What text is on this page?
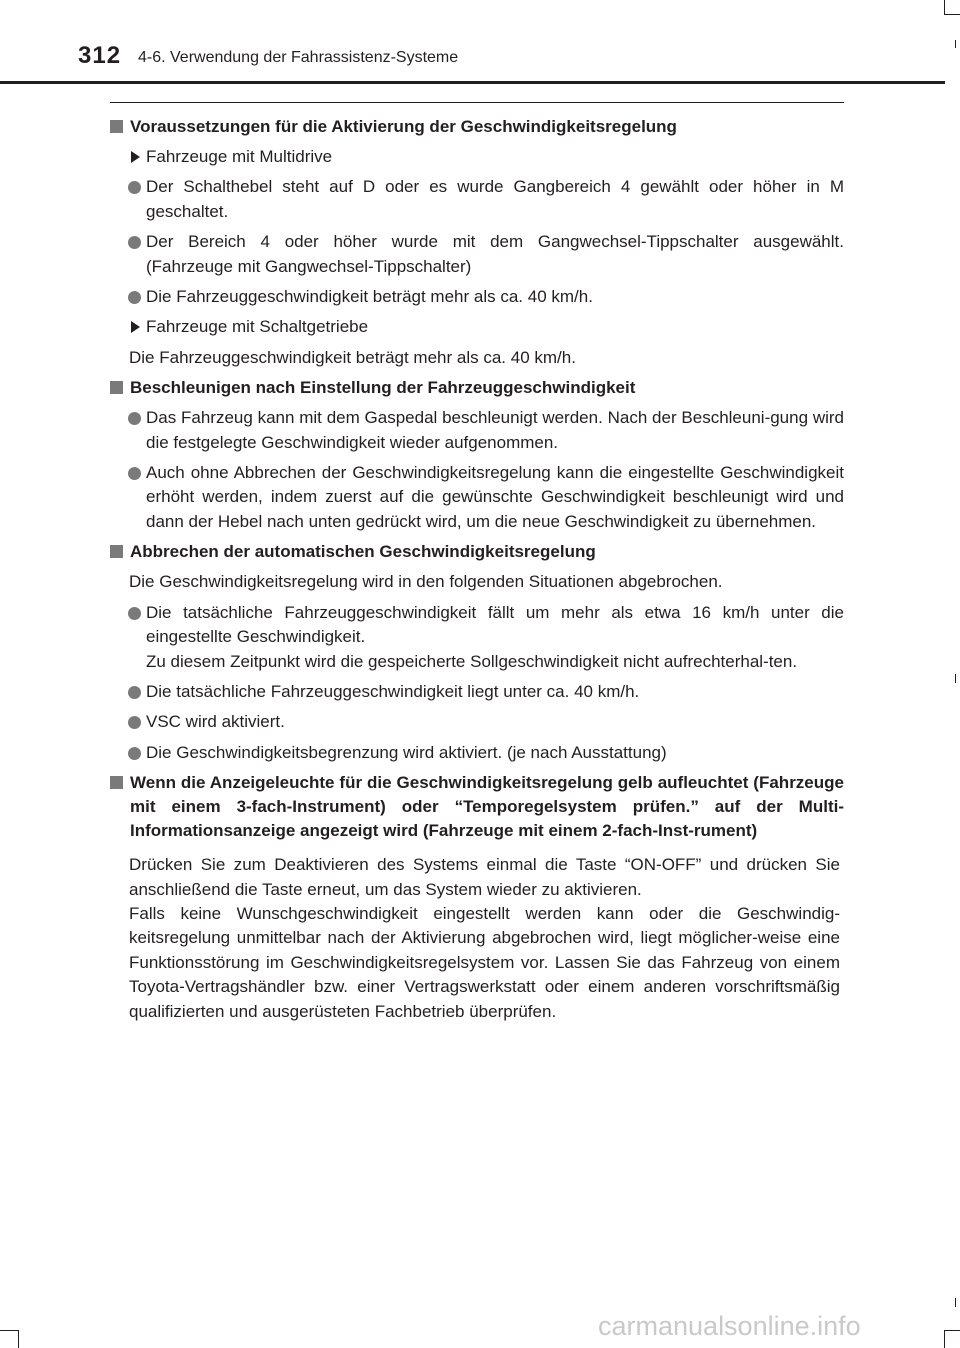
312 4-6. Verwendung der Fahrassistenz-Systeme
Voraussetzungen für die Aktivierung der Geschwindigkeitsregelung
Fahrzeuge mit Multidrive
Der Schalthebel steht auf D oder es wurde Gangbereich 4 gewählt oder höher in M geschaltet.
Der Bereich 4 oder höher wurde mit dem Gangwechsel-Tippschalter ausgewählt. (Fahrzeuge mit Gangwechsel-Tippschalter)
Die Fahrzeuggeschwindigkeit beträgt mehr als ca. 40 km/h.
Fahrzeuge mit Schaltgetriebe
Die Fahrzeuggeschwindigkeit beträgt mehr als ca. 40 km/h.
Beschleunigen nach Einstellung der Fahrzeuggeschwindigkeit
Das Fahrzeug kann mit dem Gaspedal beschleunigt werden. Nach der Beschleuni-gung wird die festgelegte Geschwindigkeit wieder aufgenommen.
Auch ohne Abbrechen der Geschwindigkeitsregelung kann die eingestellte Geschwindigkeit erhöht werden, indem zuerst auf die gewünschte Geschwindigkeit beschleunigt wird und dann der Hebel nach unten gedrückt wird, um die neue Geschwindigkeit zu übernehmen.
Abbrechen der automatischen Geschwindigkeitsregelung
Die Geschwindigkeitsregelung wird in den folgenden Situationen abgebrochen.
Die tatsächliche Fahrzeuggeschwindigkeit fällt um mehr als etwa 16 km/h unter die eingestellte Geschwindigkeit.
Zu diesem Zeitpunkt wird die gespeicherte Sollgeschwindigkeit nicht aufrechterhal-ten.
Die tatsächliche Fahrzeuggeschwindigkeit liegt unter ca. 40 km/h.
VSC wird aktiviert.
Die Geschwindigkeitsbegrenzung wird aktiviert. (je nach Ausstattung)
Wenn die Anzeigeleuchte für die Geschwindigkeitsregelung gelb aufleuchtet (Fahrzeuge mit einem 3-fach-Instrument) oder “Temporegelsystem prüfen.” auf der Multi-Informationsanzeige angezeigt wird (Fahrzeuge mit einem 2-fach-Inst-rument)
Drücken Sie zum Deaktivieren des Systems einmal die Taste “ON-OFF” und drücken Sie anschließend die Taste erneut, um das System wieder zu aktivieren.
Falls keine Wunschgeschwindigkeit eingestellt werden kann oder die Geschwindig-keitsregelung unmittelbar nach der Aktivierung abgebrochen wird, liegt möglicher-weise eine Funktionsstörung im Geschwindigkeitsregelsystem vor. Lassen Sie das Fahrzeug von einem Toyota-Vertragshändler bzw. einer Vertragswerkstatt oder einem anderen vorschriftsmäßig qualifizierten und ausgerüsteten Fachbetrieb überprüfen.
carmanualsonline.info
